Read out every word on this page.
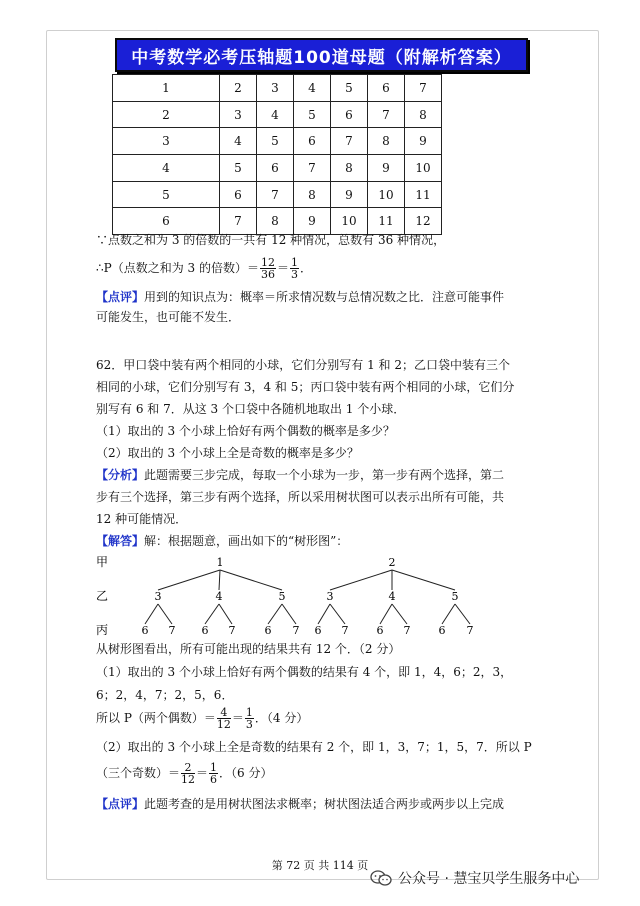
中考数学必考压轴题100道母题（附解析答案）
1	2	3	4	5	6	7
2	3	4	5	6	7	8
3	4	5	6	7	8	9
4	5	6	7	8	9	10
5	6	7	8	9	10	11
6	7	8	9	10	11	12
∵点数之和为 3 的倍数的一共有 12 种情况，总数有 36 种情况，
∴P（点数之和为 3 的倍数）＝ $\frac{12}{36} = \frac{1}{3}$ ．
【点评】用到的知识点为：概率＝所求情况数与总情况数之比．注意可能事件
可能发生，也可能不发生．
62．甲口袋中装有两个相同的小球，它们分别写有 1 和 2；乙口袋中装有三个
相同的小球，它们分别写有 3，4 和 5；丙口袋中装有两个相同的小球，它们分
别写有 6 和 7．从这 3 个口袋中各随机地取出 1 个小球．
（1）取出的 3 个小球上恰好有两个偶数的概率是多少？
（2）取出的 3 个小球上全是奇数的概率是多少？
【分析】此题需要三步完成，每取一个小球为一步，第一步有两个选择，第二
步有三个选择，第三步有两个选择，所以采用树状图可以表示出所有可能，共
12 种可能情况．
【解答】解：根据题意，画出如下的“树形图”：
甲
乙
丙
1	2
3	4	5	3	4	5
6 7 6 7	6 7 6 7	6 7	6 7
从树形图看出，所有可能出现的结果共有 12 个．（2 分）
（1）取出的 3 个小球上恰好有两个偶数的结果有 4 个，即 1，4，6；2，3，
6；2，4，7；2，5，6．
所以 P（两个偶数）＝ $\frac{4}{12} = \frac{1}{3}$ ．（4 分）
（2）取出的 3 个小球上全是奇数的结果有 2 个，即 1，3，7；1，5，7．所以 P
（三个奇数）＝ $\frac{2}{12} = \frac{1}{6}$ ．（6 分）
【点评】此题考查的是用树状图法求概率；树状图法适合两步或两步以上完成
第 72 页 共 114 页
公众号 · 慧宝贝学生服务中心
